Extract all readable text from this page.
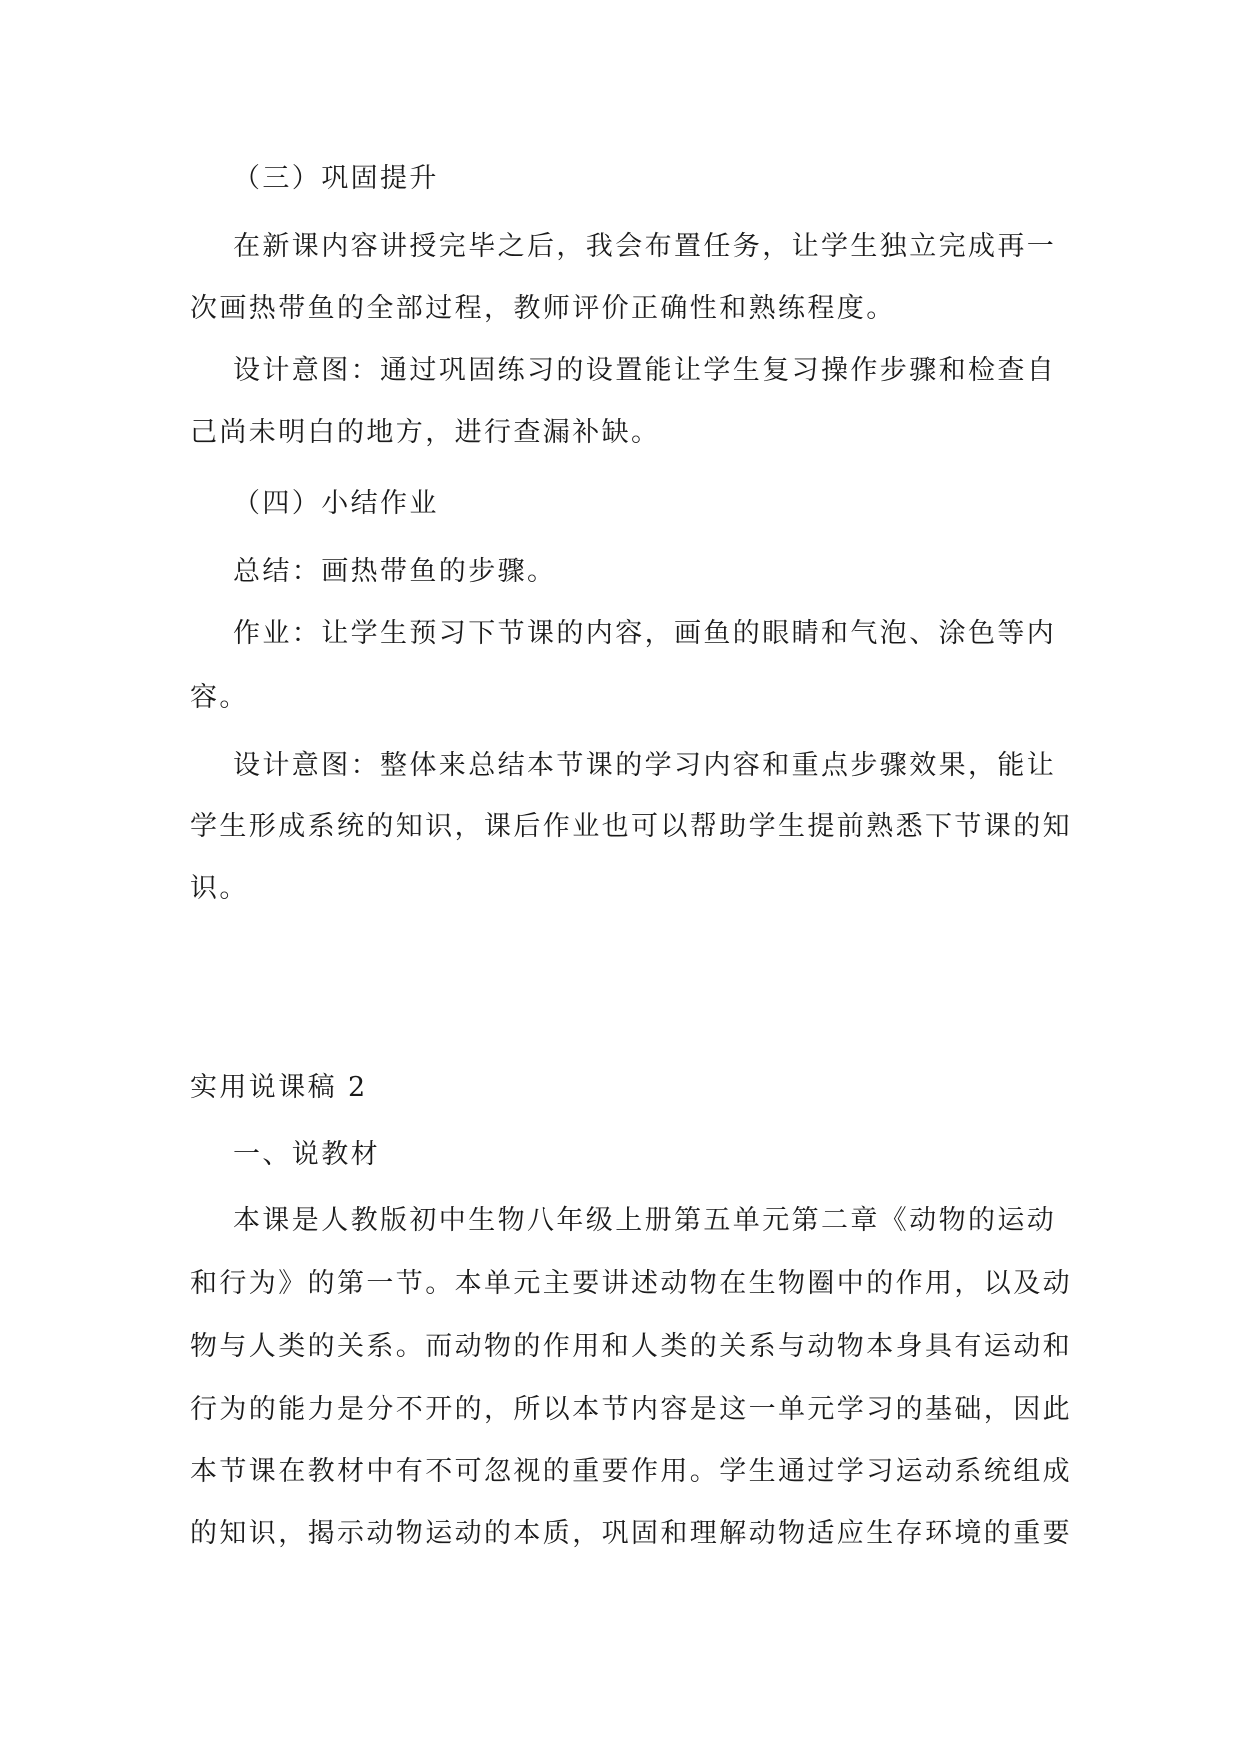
（三）巩固提升
在新课内容讲授完毕之后，我会布置任务，让学生独立完成再一
次画热带鱼的全部过程，教师评价正确性和熟练程度。
设计意图：通过巩固练习的设置能让学生复习操作步骤和检查自
己尚未明白的地方，进行查漏补缺。
（四）小结作业
总结：画热带鱼的步骤。
作业：让学生预习下节课的内容，画鱼的眼睛和气泡、涂色等内
容。
设计意图：整体来总结本节课的学习内容和重点步骤效果，能让
学生形成系统的知识，课后作业也可以帮助学生提前熟悉下节课的知
识。
实用说课稿 2
一、说教材
本课是人教版初中生物八年级上册第五单元第二章《动物的运动
和行为》的第一节。本单元主要讲述动物在生物圈中的作用，以及动
物与人类的关系。而动物的作用和人类的关系与动物本身具有运动和
行为的能力是分不开的，所以本节内容是这一单元学习的基础，因此
本节课在教材中有不可忽视的重要作用。学生通过学习运动系统组成
的知识，揭示动物运动的本质，巩固和理解动物适应生存环境的重要
